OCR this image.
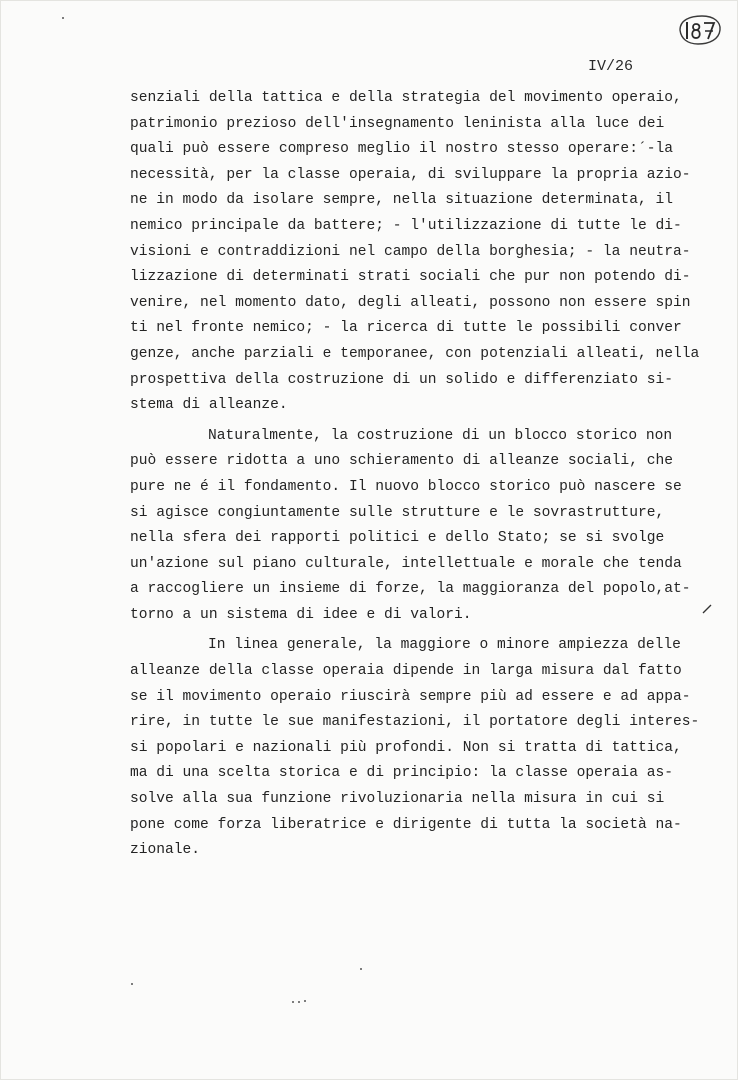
IV/26
senziali della tattica e della strategia del movimento operaio,
patrimonio prezioso dell'insegnamento leninista alla luce dei
quali può essere compreso meglio il nostro stesso operare:´-la
necessità, per la classe operaia, di sviluppare la propria azio-
ne in modo da isolare sempre, nella situazione determinata, il
nemico principale da battere; - l'utilizzazione di tutte le di-
visioni e contraddizioni nel campo della borghesia; - la neutra-
lizzazione di determinati strati sociali che pur non potendo di-
venire, nel momento dato, degli alleati, possono non essere spin
ti nel fronte nemico; - la ricerca di tutte le possibili conver
genze, anche parziali e temporanee, con potenziali alleati, nella
prospettiva della costruzione di un solido e differenziato si-
stema di alleanze.
Naturalmente, la costruzione di un blocco storico non
può essere ridotta a uno schieramento di alleanze sociali, che
pure ne é il fondamento. Il nuovo blocco storico può nascere se
si agisce congiuntamente sulle strutture e le sovrastrutture,
nella sfera dei rapporti politici e dello Stato; se si svolge
un'azione sul piano culturale, intellettuale e morale che tenda
a raccogliere un insieme di forze, la maggioranza del popolo,at-
torno a un sistema di idee e di valori.
In linea generale, la maggiore o minore ampiezza delle
alleanze della classe operaia dipende in larga misura dal fatto
se il movimento operaio riuscirà sempre più ad essere e ad appa-
rire, in tutte le sue manifestazioni, il portatore degli interes-
si popolari e nazionali più profondi. Non si tratta di tattica,
ma di una scelta storica e di principio: la classe operaia as-
solve alla sua funzione rivoluzionaria nella misura in cui si
pone come forza liberatrice e dirigente di tutta la società na-
zionale.
